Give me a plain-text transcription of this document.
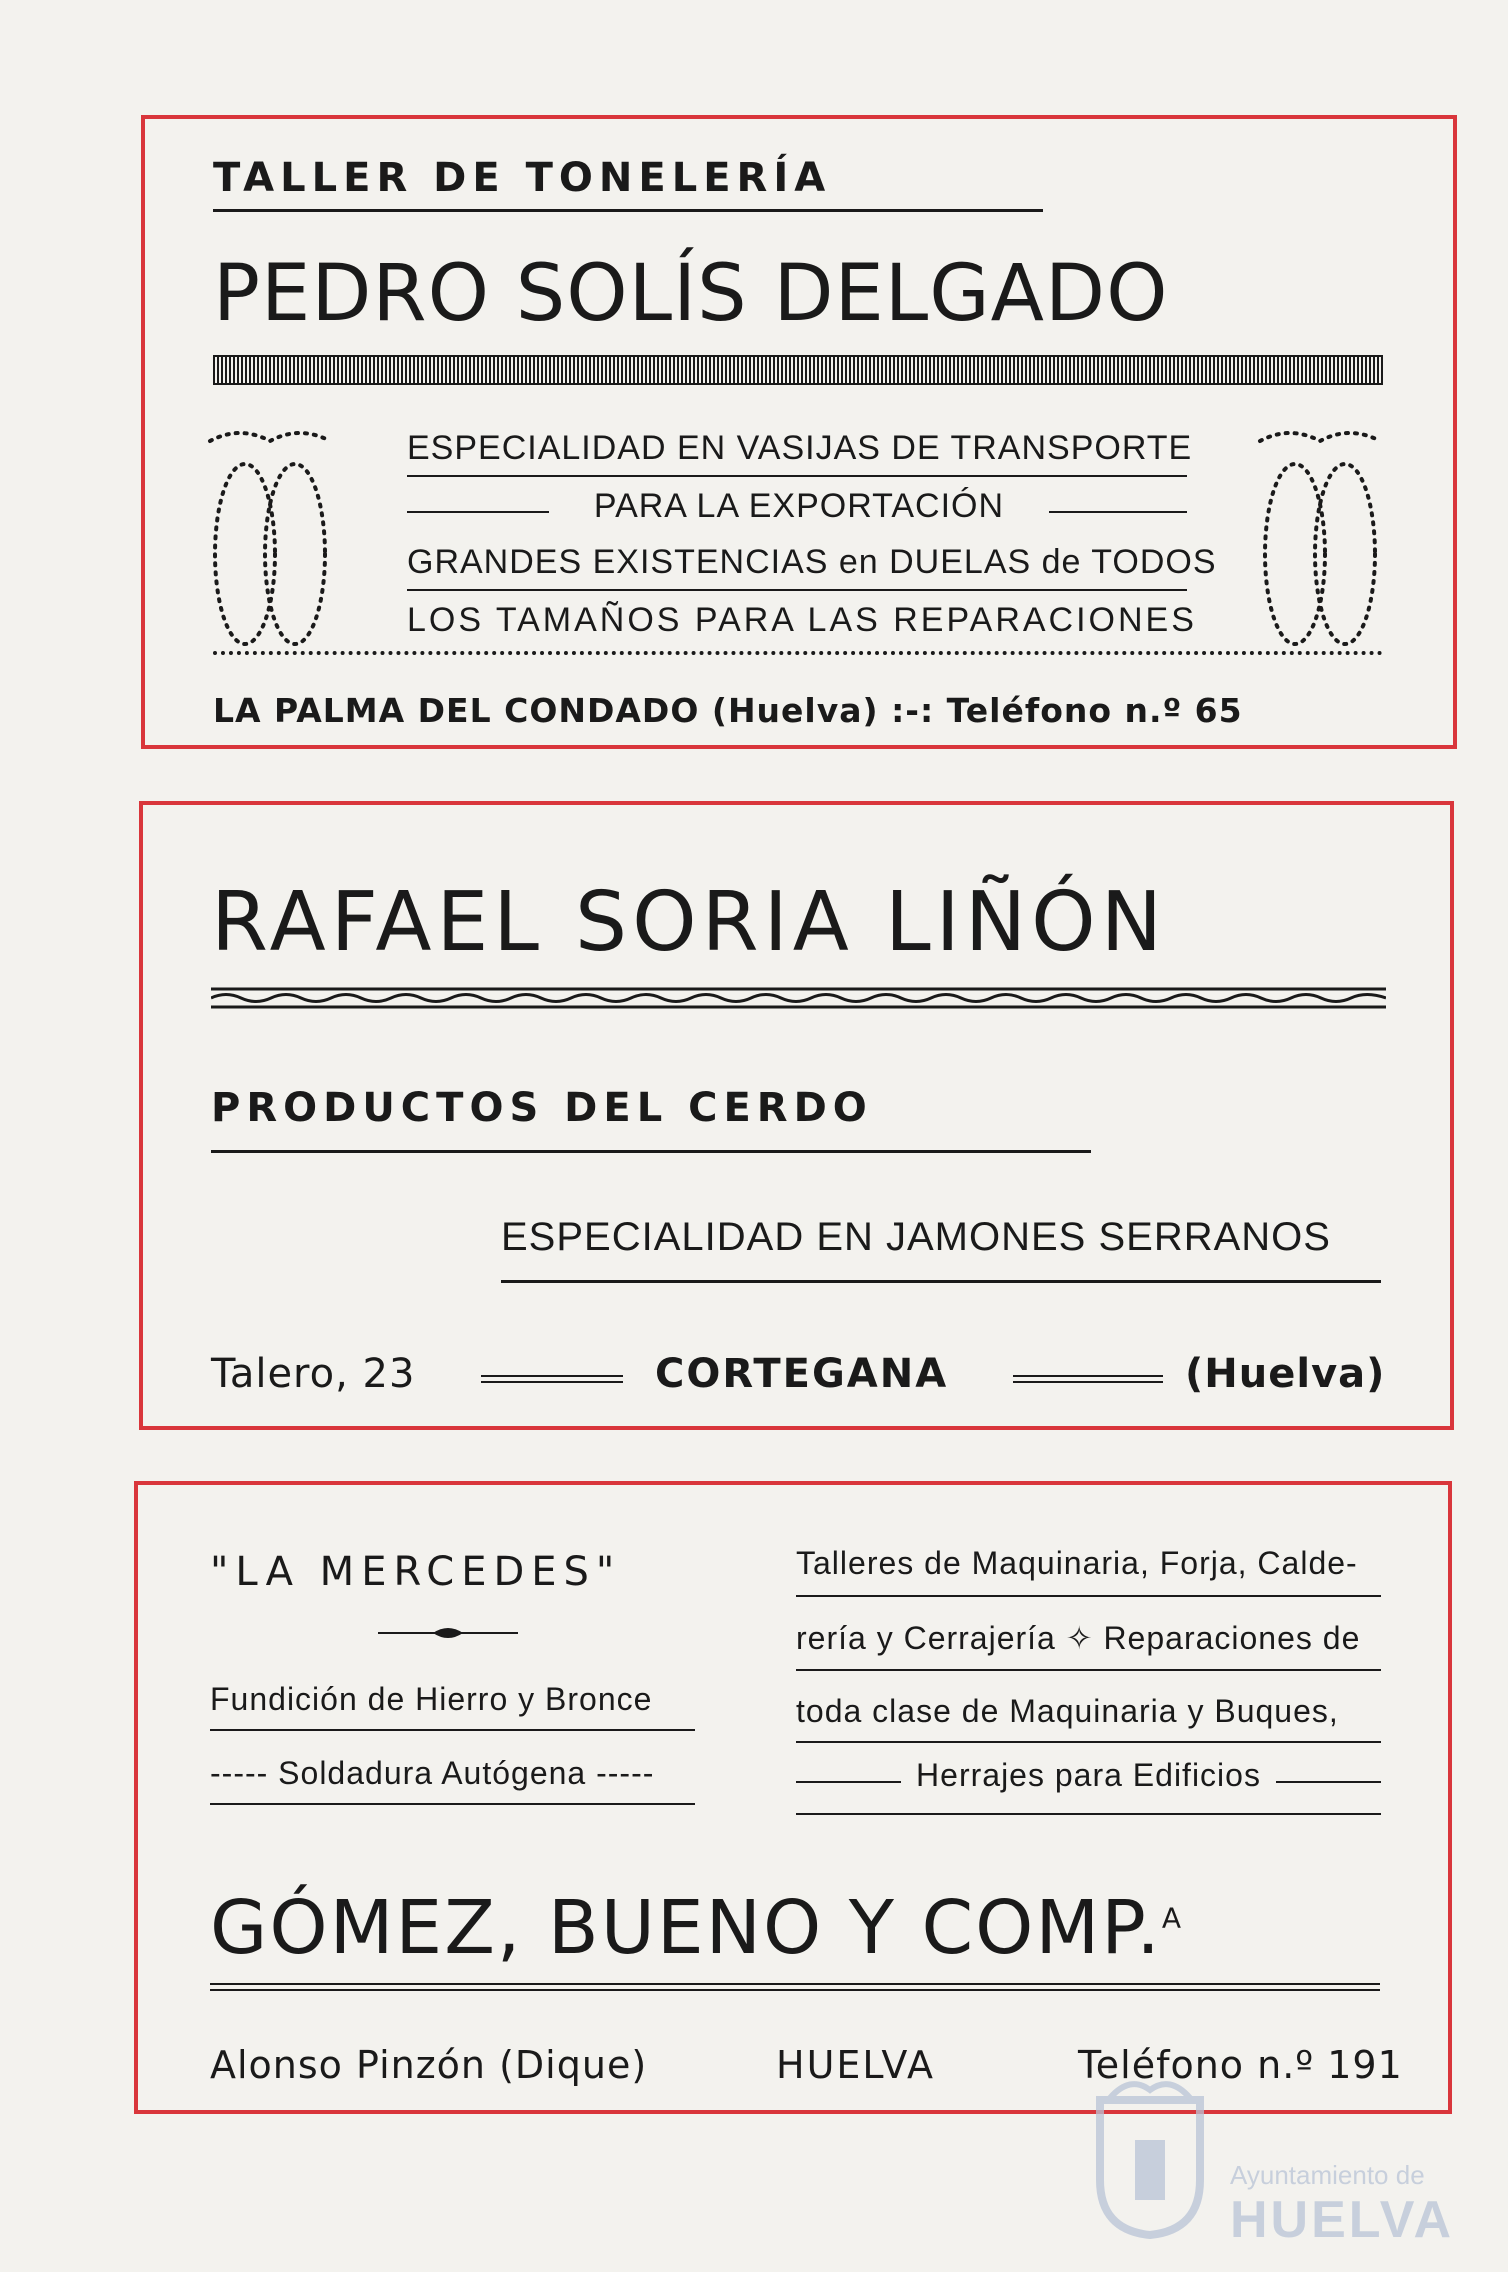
TALLER DE TONELERÍA
PEDRO SOLÍS DELGADO
ESPECIALIDAD EN VASIJAS DE TRANSPORTE
PARA LA EXPORTACIÓN
GRANDES EXISTENCIAS en DUELAS de TODOS
LOS TAMAÑOS PARA LAS REPARACIONES
LA PALMA DEL CONDADO (Huelva) :-: Teléfono n.º 65
RAFAEL SORIA LIÑÓN
PRODUCTOS DEL CERDO
ESPECIALIDAD EN JAMONES SERRANOS
Talero, 23	CORTEGANA	(Huelva)
"LA MERCEDES"
Fundición de Hierro y Bronce
----- Soldadura Autógena -----
Talleres de Maquinaria, Forja, Calde-
rería y Cerrajería ✧ Reparaciones de
toda clase de Maquinaria y Buques,
Herrajes para Edificios
GÓMEZ, BUENO Y COMP.$^A$
Alonso Pinzón (Dique)	HUELVA	Teléfono n.º 191
Ayuntamiento de
HUELVA
